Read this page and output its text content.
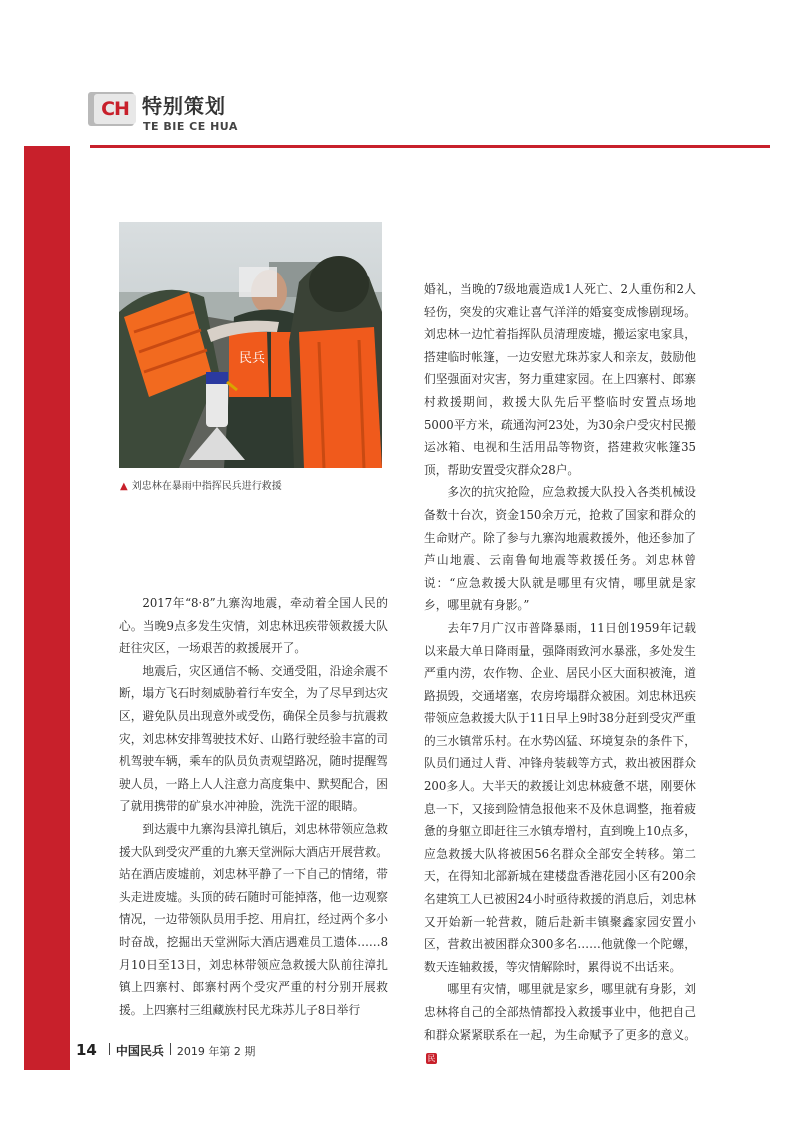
CH 特别策划
TE BIE CE HUA
民兵
▲ 刘忠林在暴雨中指挥民兵进行救援

2017年“8·8”九寨沟地震，牵动着全国人民的心。当晚9点多发生灾情，刘忠林迅疾带领救援大队赶往灾区，一场艰苦的救援展开了。

地震后，灾区通信不畅、交通受阻，沿途余震不断，塌方飞石时刻威胁着行车安全，为了尽早到达灾区，避免队员出现意外或受伤，确保全员参与抗震救灾，刘忠林安排驾驶技术好、山路行驶经验丰富的司机驾驶车辆，乘车的队员负责观望路况，随时提醒驾驶人员，一路上人人注意力高度集中、默契配合，困了就用携带的矿泉水冲神脸，洗洗干涩的眼睛。

到达震中九寨沟县漳扎镇后，刘忠林带领应急救援大队到受灾严重的九寨天堂洲际大酒店开展营救。站在酒店废墟前，刘忠林平静了一下自己的情绪，带头走进废墟。头顶的砖石随时可能掉落，他一边观察情况，一边带领队员用手挖、用肩扛，经过两个多小时奋战，挖掘出天堂洲际大酒店遇难员工遗体……8月10日至13日，刘忠林带领应急救援大队前往漳扎镇上四寨村、郎寨村两个受灾严重的村分别开展救援。上四寨村三组藏族村民尤珠苏儿子8日举行

婚礼，当晚的7级地震造成1人死亡、2人重伤和2人轻伤，突发的灾难让喜气洋洋的婚宴变成惨剧现场。刘忠林一边忙着指挥队员清理废墟，搬运家电家具，搭建临时帐篷，一边安慰尤珠苏家人和亲友，鼓励他们坚强面对灾害，努力重建家园。在上四寨村、郎寨村救援期间，救援大队先后平整临时安置点场地5000平方米，疏通沟河23处，为30余户受灾村民搬运冰箱、电视和生活用品等物资，搭建救灾帐篷35顶，帮助安置受灾群众28户。

多次的抗灾抢险，应急救援大队投入各类机械设备数十台次，资金150余万元，抢救了国家和群众的生命财产。除了参与九寨沟地震救援外，他还参加了芦山地震、云南鲁甸地震等救援任务。刘忠林曾说：“应急救援大队就是哪里有灾情，哪里就是家乡，哪里就有身影。”

去年7月广汉市普降暴雨，11日创1959年记载以来最大单日降雨量，强降雨致河水暴涨，多处发生严重内涝，农作物、企业、居民小区大面积被淹，道路损毁，交通堵塞，农房垮塌群众被困。刘忠林迅疾带领应急救援大队于11日早上9时38分赶到受灾严重的三水镇常乐村。在水势凶猛、环境复杂的条件下，队员们通过人背、冲锋舟装载等方式，救出被困群众200多人。大半天的救援让刘忠林疲惫不堪，刚要休息一下，又接到险情急报他来不及休息调整，拖着疲惫的身躯立即赶往三水镇寿增村，直到晚上10点多，应急救援大队将被困56名群众全部安全转移。第二天，在得知北部新城在建楼盘香港花园小区有200余名建筑工人已被困24小时亟待救援的消息后，刘忠林又开始新一轮营救，随后赴新丰镇聚鑫家园安置小区，营救出被困群众300多名……他就像一个陀螺，数天连轴救援，等灾情解除时，累得说不出话来。

哪里有灾情，哪里就是家乡，哪里就有身影，刘忠林将自己的全部热情都投入救援事业中，他把自己和群众紧紧联系在一起，为生命赋予了更多的意义。民

14 中国民兵 2019 年第 2 期
